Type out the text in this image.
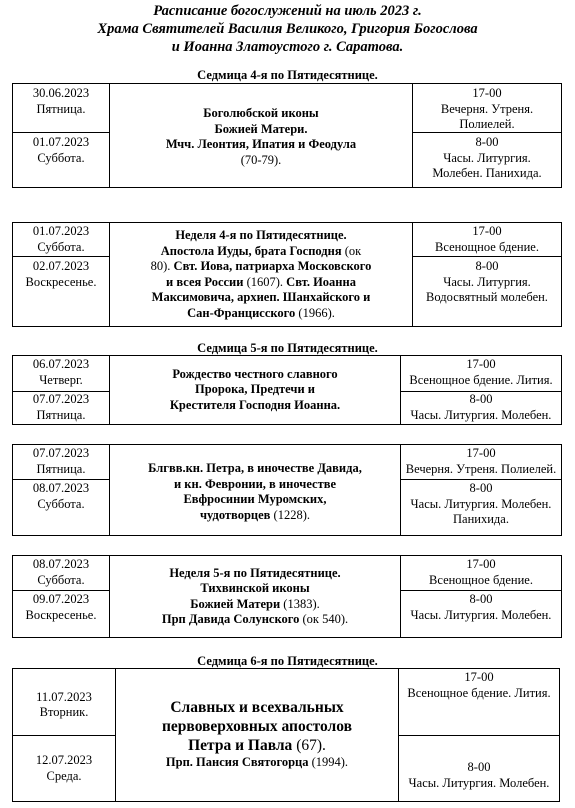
Расписание богослужений на июль 2023 г.
Храма Святителей Василия Великого, Григория Богослова
и Иоанна Златоустого г. Саратова.
Седмица 4-я по Пятидесятнице.
30.06.2023
Пятница.
01.07.2023
Суббота.
Боголюбской иконы
Божией Матери.
Мчч. Леонтия, Ипатия и Феодула
(70-79).
17-00
Вечерня. Утреня.
Полиелей.
8-00
Часы. Литургия.
Молебен. Панихида.
01.07.2023
Суббота.
02.07.2023
Воскресенье.
Неделя 4-я по Пятидесятнице.
Апостола Иуды, брата Господня (ок
80). Свт. Иова, патриарха Московского
и всея России (1607). Свт. Иоанна
Максимовича, архиеп. Шанхайского и
Сан-Францисского (1966).
17-00
Всенощное бдение.
8-00
Часы. Литургия.
Водосвятный молебен.
Седмица 5-я по Пятидесятнице.
06.07.2023
Четверг.
07.07.2023
Пятница.
Рождество честного славного
Пророка, Предтечи и
Крестителя Господня Иоанна.
17-00
Всенощное бдение. Лития.
8-00
Часы. Литургия. Молебен.
07.07.2023
Пятница.
08.07.2023
Суббота.
Блгвв.кн. Петра, в иночестве Давида,
и кн. Февронии, в иночестве
Евфросинии Муромских,
чудотворцев (1228).
17-00
Вечерня. Утреня. Полиелей.
8-00
Часы. Литургия. Молебен.
Панихида.
08.07.2023
Суббота.
09.07.2023
Воскресенье.
Неделя 5-я по Пятидесятнице.
Тихвинской иконы
Божией Матери (1383).
Прп Давида Солунского (ок 540).
17-00
Всенощное бдение.
8-00
Часы. Литургия. Молебен.
Седмица 6-я по Пятидесятнице.
11.07.2023
Вторник.
12.07.2023
Среда.
Славных и всехвальных
первоверховных апостолов
Петра и Павла (67).
Прп. Пансия Святогорца (1994).
17-00
Всенощное бдение. Лития.
8-00
Часы. Литургия. Молебен.
